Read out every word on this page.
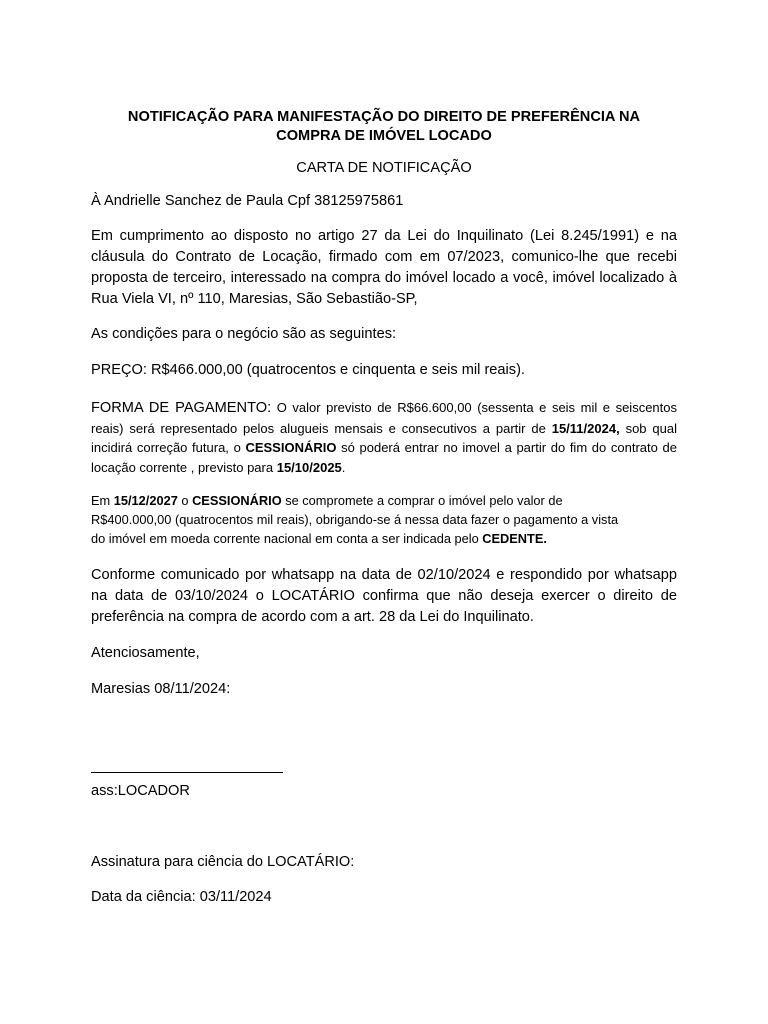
NOTIFICAÇÃO PARA MANIFESTAÇÃO DO DIREITO DE PREFERÊNCIA NA
COMPRA DE IMÓVEL LOCADO

CARTA DE NOTIFICAÇÃO

À Andrielle Sanchez de Paula Cpf 38125975861

Em cumprimento ao disposto no artigo 27 da Lei do Inquilinato (Lei 8.245/1991) e na cláusula do Contrato de Locação, firmado com em 07/2023, comunico-lhe que recebi proposta de terceiro, interessado na compra do imóvel locado a você, imóvel localizado à Rua Viela VI, nº 110, Maresias, São Sebastião-SP,

As condições para o negócio são as seguintes:

PREÇO: R$466.000,00 (quatrocentos e cinquenta e seis mil reais).

FORMA DE PAGAMENTO: O valor previsto de R$66.600,00 (sessenta e seis mil e seiscentos reais) será representado pelos alugueis mensais e consecutivos a partir de 15/11/2024, sob qual incidirá correção futura, o CESSIONÁRIO só poderá entrar no imovel a partir do fim do contrato de locação corrente , previsto para 15/10/2025.

Em 15/12/2027 o CESSIONÁRIO se compromete a comprar o imóvel pelo valor de
R$400.000,00 (quatrocentos mil reais), obrigando-se á nessa data fazer o pagamento a vista
do imóvel em moeda corrente nacional em conta a ser indicada pelo CEDENTE.

Conforme comunicado por whatsapp na data de 02/10/2024 e respondido por whatsapp na data de 03/10/2024 o LOCATÁRIO confirma que não deseja exercer o direito de preferência na compra de acordo com a art. 28 da Lei do Inquilinato.

Atenciosamente,

Maresias 08/11/2024:

ass:LOCADOR

Assinatura para ciência do LOCATÁRIO:

Data da ciência: 03/11/2024
